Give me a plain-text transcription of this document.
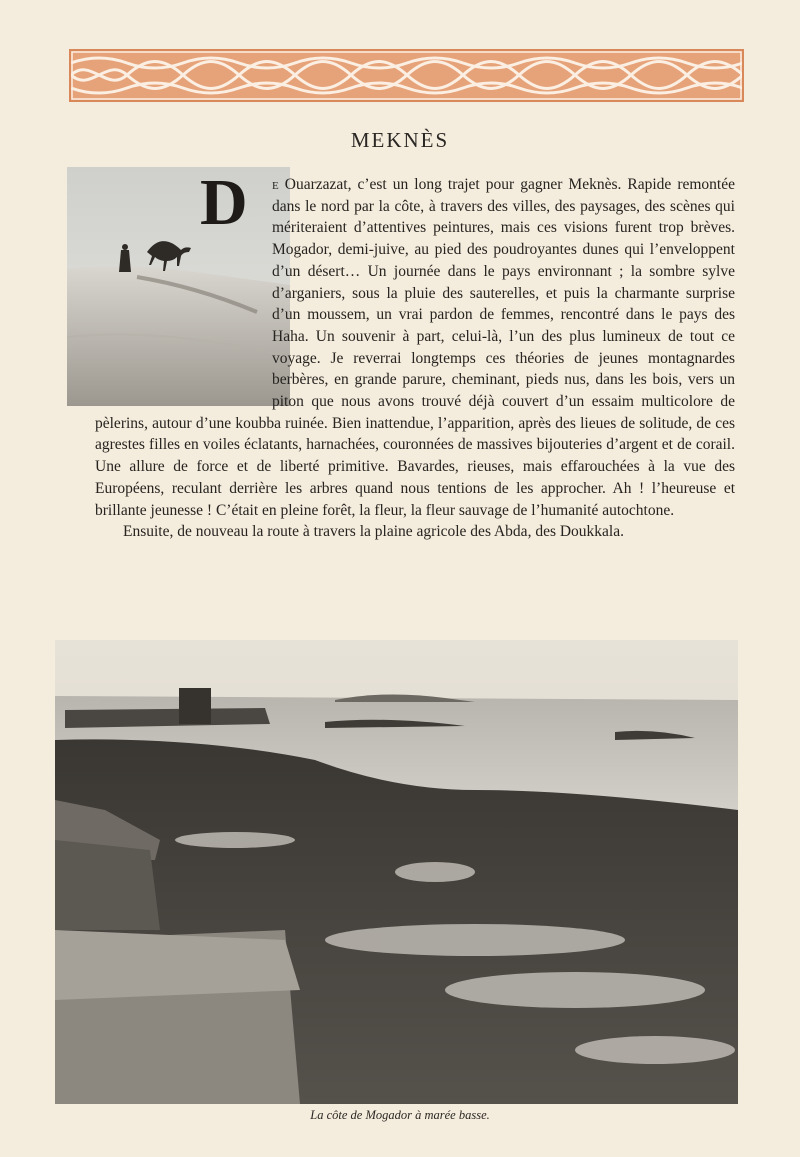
MEKNÈS

D e Ouarzazat, c’est un long trajet pour gagner Meknès. Rapide remontée dans le nord par la côte, à travers des villes, des paysages, des scènes qui mériteraient d’attentives peintures, mais ces visions furent trop brèves. Mogador, demi-juive, au pied des poudroyantes dunes qui l’enveloppent d’un désert… Un journée dans le pays environnant ; la sombre sylve d’arganiers, sous la pluie des sauterelles, et puis la charmante surprise d’un moussem, un vrai pardon de femmes, rencontré dans le pays des Haha. Un souvenir à part, celui-là, l’un des plus lumineux de tout ce voyage. Je reverrai longtemps ces théories de jeunes montagnardes berbères, en grande parure, cheminant, pieds nus, dans les bois, vers un piton que nous avons trouvé déjà couvert d’un essaim multicolore de pèlerins, autour d’une koubba ruinée. Bien inattendue, l’apparition, après des lieues de solitude, de ces agrestes filles en voiles éclatants, harnachées, couronnées de massives bijouteries d’argent et de corail. Une allure de force et de liberté primitive. Bavardes, rieuses, mais effarouchées à la vue des Européens, reculant derrière les arbres quand nous tentions de les approcher. Ah ! l’heureuse et brillante jeunesse ! C’était en pleine forêt, la fleur, la fleur sauvage de l’humanité autochtone.

Ensuite, de nouveau la route à travers la plaine agricole des Abda, des Doukkala.

La côte de Mogador à marée basse.
